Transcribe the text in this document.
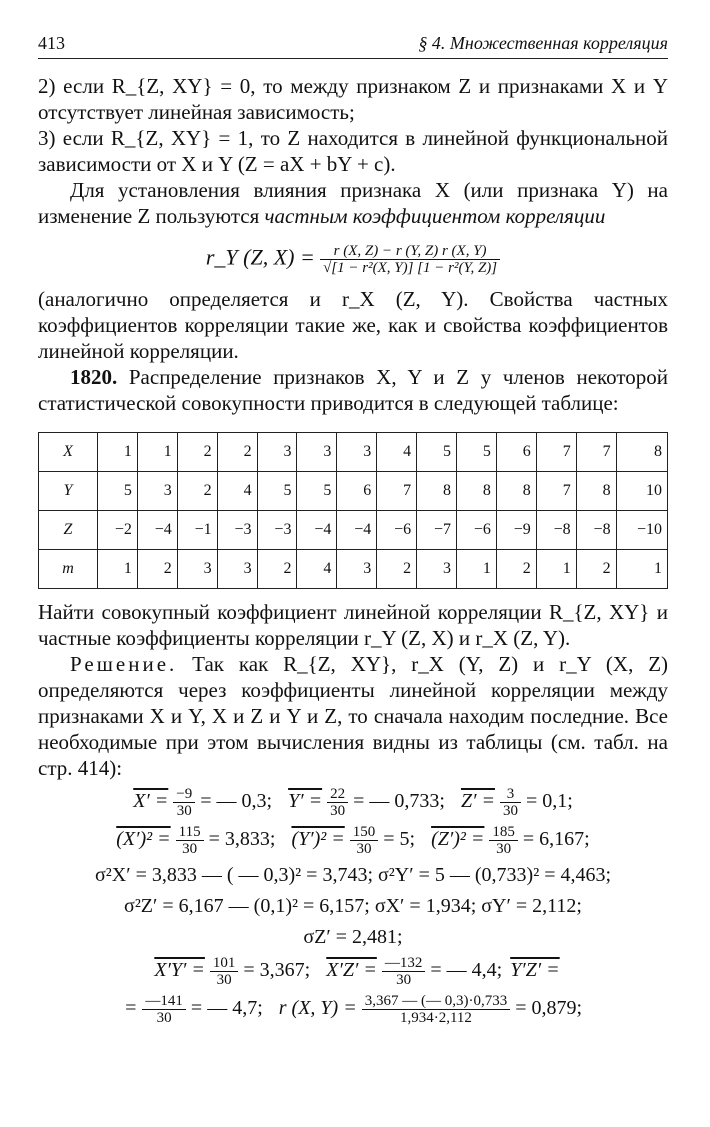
413	§ 4. Множественная корреляция

2) если R_{Z, XY} = 0, то между признаком Z и признаками X и Y отсутствует линейная зависимость;

3) если R_{Z, XY} = 1, то Z находится в линейной функциональной зависимости от X и Y (Z = aX + bY + c).

Для установления влияния признака X (или признака Y) на изменение Z пользуются частным коэффициентом корреляции

r_Y (Z, $X) = \frac{r (X, Z) - r (Y, Z) r (X, Y)}{\text{√[1 − r²(X, Y)] [1 − r²(Y, Z)]}}$

(аналогично определяется и r_X (Z, Y). Свойства частных коэффициентов корреляции такие же, как и свойства коэффициентов линейной корреляции.

1820. Распределение признаков X, Y и Z у членов некоторой статистической совокупности приводится в следующей таблице:

X	1	1	2	2	3	3	3	4	5	5	6	7	7	8
Y	5	3	2	4	5	5	6	7	8	8	8	7	8	10
Z	−2	−4	−1	−3	−3	−4	−4	−6	−7	−6	−9	−8	−8	−10
m	1	2	3	3	2	4	3	2	3	1	2	1	2	1

Найти совокупный коэффициент линейной корреляции R_{Z, XY} и частные коэффициенты корреляции r_Y (Z, X) и r_X (Z, Y).

Решение. Так как R_{Z, XY}, r_X (Y, Z) и r_Y (X, Z) определяются через коэффициенты линейной корреляции между признаками X и Y, X и Z и Y и Z, то сначала находим последние. Все необходимые при этом вычисления видны из таблицы (см. табл. на стр. 414):

$X' = \frac{-9}{30}$ = — 0,3; $Y' = \frac{22}{30}$ = — 0,733; $Z' = \frac{3}{30} = 0,1$;
$(X')^2 = \frac{115}{30} = 3,833$; $(Y')^2 = \frac{150}{30} = 5$; $(Z')^2 = \frac{185}{30} = 6,167$;
σ²X′ = 3,833 — ( — 0,3)² = 3,743; σ²Y′ = 5 — (0,733)² = 4,463;
σ²Z′ = 6,167 — (0,1)² = 6,157; σX′ = 1,934; σY′ = 2,112;
σZ′ = 2,481;
$X'Y' = \frac{101}{30} = 3,367$; $X'Z' = \frac{—132}{30}$ = — 4,4; Y′Z′ =
= $\frac{—141}{30}$ = — 4,7; r (X, $Y) = \frac{3,367 — (— 0,3)\cdot 0,733}{1,934\cdot 2,112} = 0,879$;
